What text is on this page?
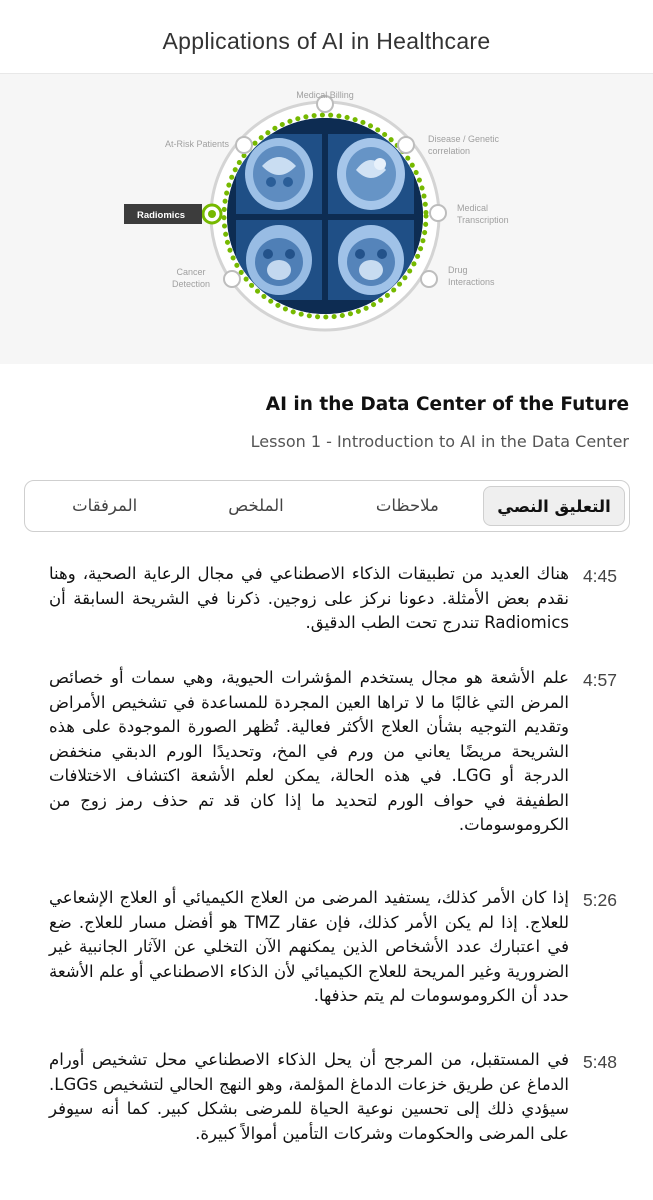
Applications of AI in Healthcare
Medical Billing
At-Risk Patients	Disease / Genetic
correlation
Medical
Transcription
Cancer
Detection
Drug
Interactions
Radiomics
AI in the Data Center of the Future
Lesson 1 - Introduction to AI in the Data Center
التعليق النصي
ملاحظات
الملخص
المرفقات
4:45

هناك العديد من تطبيقات الذكاء الاصطناعي في مجال الرعاية الصحية، وهنا نقدم بعض الأمثلة. دعونا نركز على زوجين. ذكرنا في الشريحة السابقة أن Radiomics تندرج تحت الطب الدقيق.

4:57

علم الأشعة هو مجال يستخدم المؤشرات الحيوية، وهي سمات أو خصائص المرض التي غالبًا ما لا تراها العين المجردة للمساعدة في تشخيص الأمراض وتقديم التوجيه بشأن العلاج الأكثر فعالية. تُظهر الصورة الموجودة على هذه الشريحة مريضًا يعاني من ورم في المخ، وتحديدًا الورم الدبقي منخفض الدرجة أو LGG. في هذه الحالة، يمكن لعلم الأشعة اكتشاف الاختلافات الطفيفة في حواف الورم لتحديد ما إذا كان قد تم حذف رمز زوج من الكروموسومات.

5:26

إذا كان الأمر كذلك، يستفيد المرضى من العلاج الكيميائي أو العلاج الإشعاعي للعلاج. إذا لم يكن الأمر كذلك، فإن عقار TMZ هو أفضل مسار للعلاج. ضع في اعتبارك عدد الأشخاص الذين يمكنهم الآن التخلي عن الآثار الجانبية غير الضرورية وغير المريحة للعلاج الكيميائي لأن الذكاء الاصطناعي أو علم الأشعة حدد أن الكروموسومات لم يتم حذفها.

5:48

في المستقبل، من المرجح أن يحل الذكاء الاصطناعي محل تشخيص أورام الدماغ عن طريق خزعات الدماغ المؤلمة، وهو النهج الحالي لتشخيص LGGs. سيؤدي ذلك إلى تحسين نوعية الحياة للمرضى بشكل كبير. كما أنه سيوفر على المرضى والحكومات وشركات التأمين أموالاً كبيرة.
